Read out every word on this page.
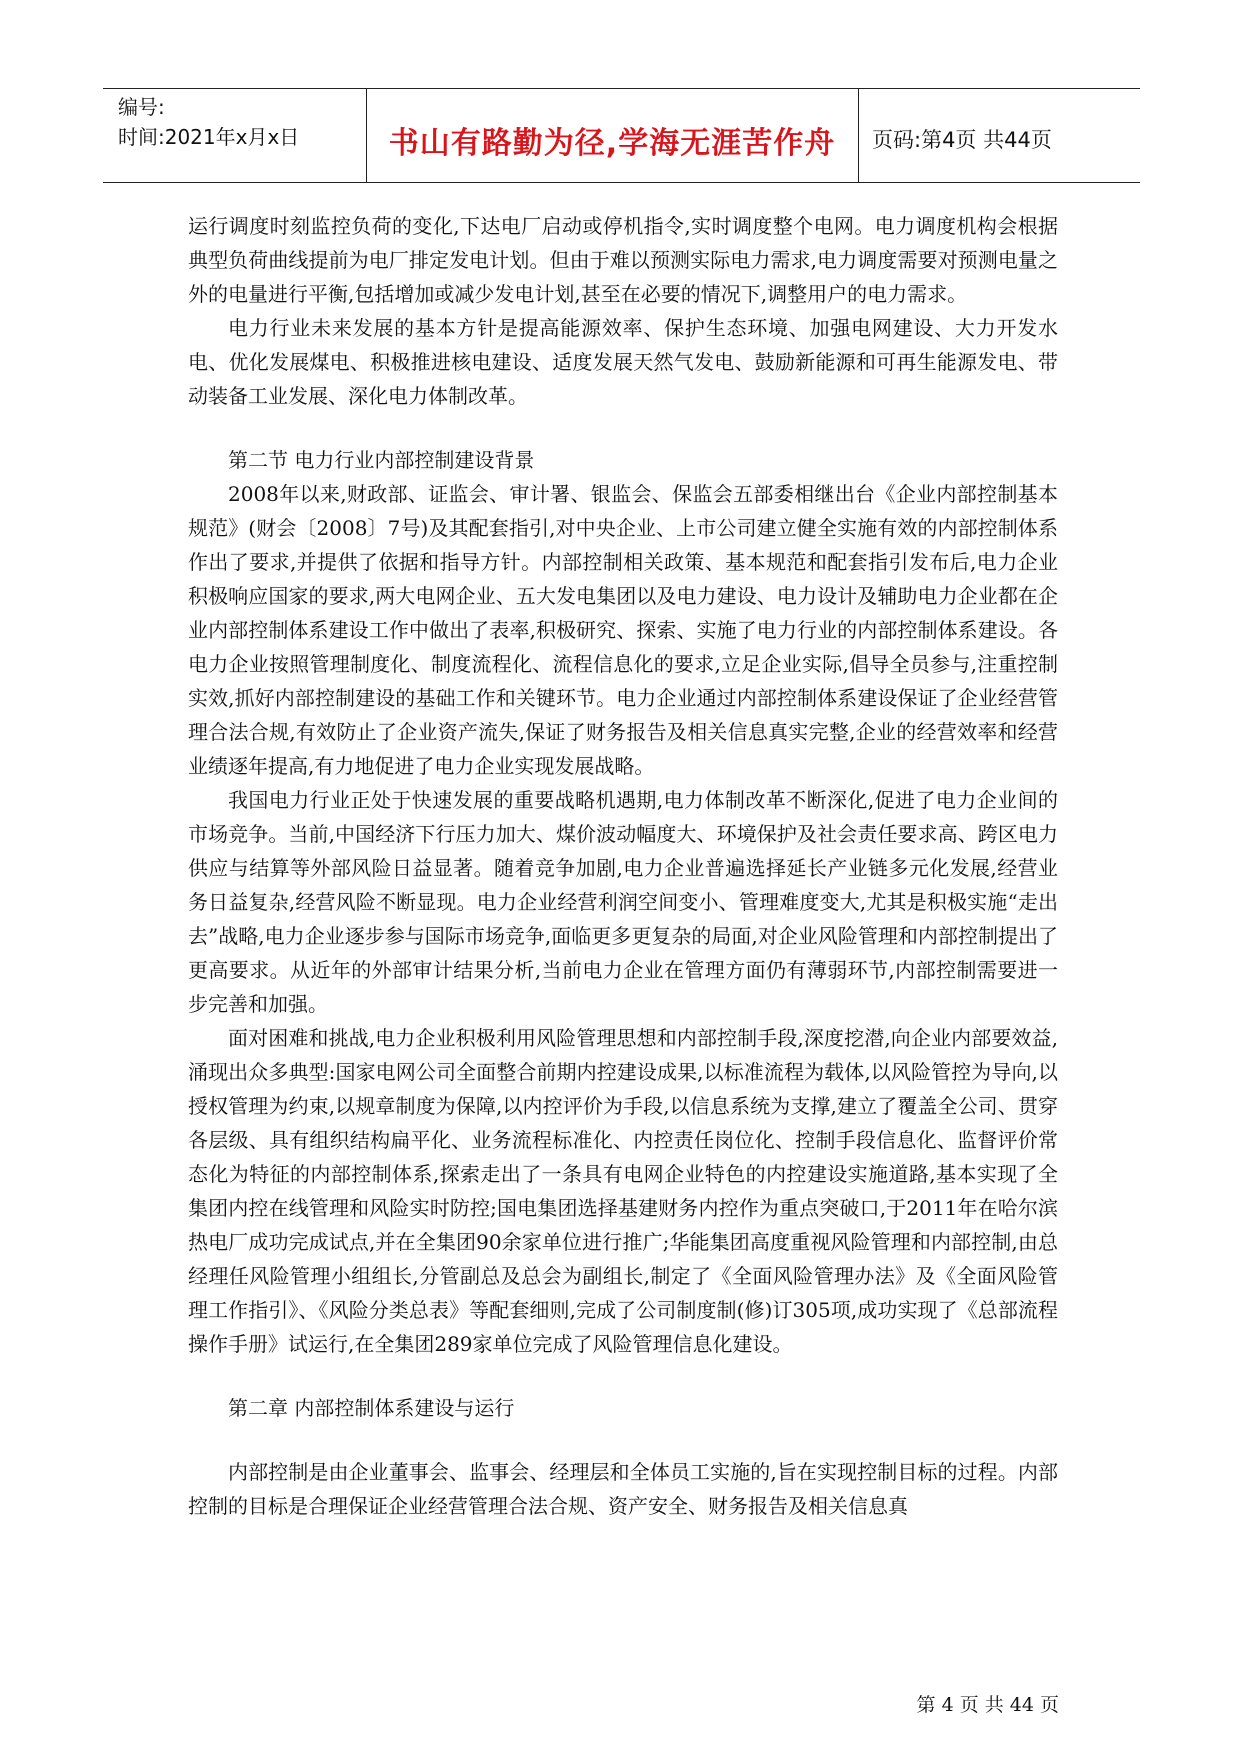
编号:
时间:2021年x月x日	书山有路勤为径,学海无涯苦作舟	页码:第4页 共44页

运行调度时刻监控负荷的变化,下达电厂启动或停机指令,实时调度整个电网。电力调度机构会根据典型负荷曲线提前为电厂排定发电计划。但由于难以预测实际电力需求,电力调度需要对预测电量之外的电量进行平衡,包括增加或减少发电计划,甚至在必要的情况下,调整用户的电力需求。

电力行业未来发展的基本方针是提高能源效率、保护生态环境、加强电网建设、大力开发水电、优化发展煤电、积极推进核电建设、适度发展天然气发电、鼓励新能源和可再生能源发电、带动装备工业发展、深化电力体制改革。

第二节 电力行业内部控制建设背景

2008年以来,财政部、证监会、审计署、银监会、保监会五部委相继出台《企业内部控制基本规范》(财会〔2008〕7号)及其配套指引,对中央企业、上市公司建立健全实施有效的内部控制体系作出了要求,并提供了依据和指导方针。内部控制相关政策、基本规范和配套指引发布后,电力企业积极响应国家的要求,两大电网企业、五大发电集团以及电力建设、电力设计及辅助电力企业都在企业内部控制体系建设工作中做出了表率,积极研究、探索、实施了电力行业的内部控制体系建设。各电力企业按照管理制度化、制度流程化、流程信息化的要求,立足企业实际,倡导全员参与,注重控制实效,抓好内部控制建设的基础工作和关键环节。电力企业通过内部控制体系建设保证了企业经营管理合法合规,有效防止了企业资产流失,保证了财务报告及相关信息真实完整,企业的经营效率和经营业绩逐年提高,有力地促进了电力企业实现发展战略。

我国电力行业正处于快速发展的重要战略机遇期,电力体制改革不断深化,促进了电力企业间的市场竞争。当前,中国经济下行压力加大、煤价波动幅度大、环境保护及社会责任要求高、跨区电力供应与结算等外部风险日益显著。随着竞争加剧,电力企业普遍选择延长产业链多元化发展,经营业务日益复杂,经营风险不断显现。电力企业经营利润空间变小、管理难度变大,尤其是积极实施“走出去”战略,电力企业逐步参与国际市场竞争,面临更多更复杂的局面,对企业风险管理和内部控制提出了更高要求。从近年的外部审计结果分析,当前电力企业在管理方面仍有薄弱环节,内部控制需要进一步完善和加强。

面对困难和挑战,电力企业积极利用风险管理思想和内部控制手段,深度挖潜,向企业内部要效益,涌现出众多典型:国家电网公司全面整合前期内控建设成果,以标准流程为载体,以风险管控为导向,以授权管理为约束,以规章制度为保障,以内控评价为手段,以信息系统为支撑,建立了覆盖全公司、贯穿各层级、具有组织结构扁平化、业务流程标准化、内控责任岗位化、控制手段信息化、监督评价常态化为特征的内部控制体系,探索走出了一条具有电网企业特色的内控建设实施道路,基本实现了全集团内控在线管理和风险实时防控;国电集团选择基建财务内控作为重点突破口,于2011年在哈尔滨热电厂成功完成试点,并在全集团90余家单位进行推广;华能集团高度重视风险管理和内部控制,由总经理任风险管理小组组长,分管副总及总会为副组长,制定了《全面风险管理办法》及《全面风险管理工作指引》、《风险分类总表》等配套细则,完成了公司制度制(修)订305项,成功实现了《总部流程操作手册》试运行,在全集团289家单位完成了风险管理信息化建设。

第二章 内部控制体系建设与运行

内部控制是由企业董事会、监事会、经理层和全体员工实施的,旨在实现控制目标的过程。内部控制的目标是合理保证企业经营管理合法合规、资产安全、财务报告及相关信息真

第 4 页 共 44 页
